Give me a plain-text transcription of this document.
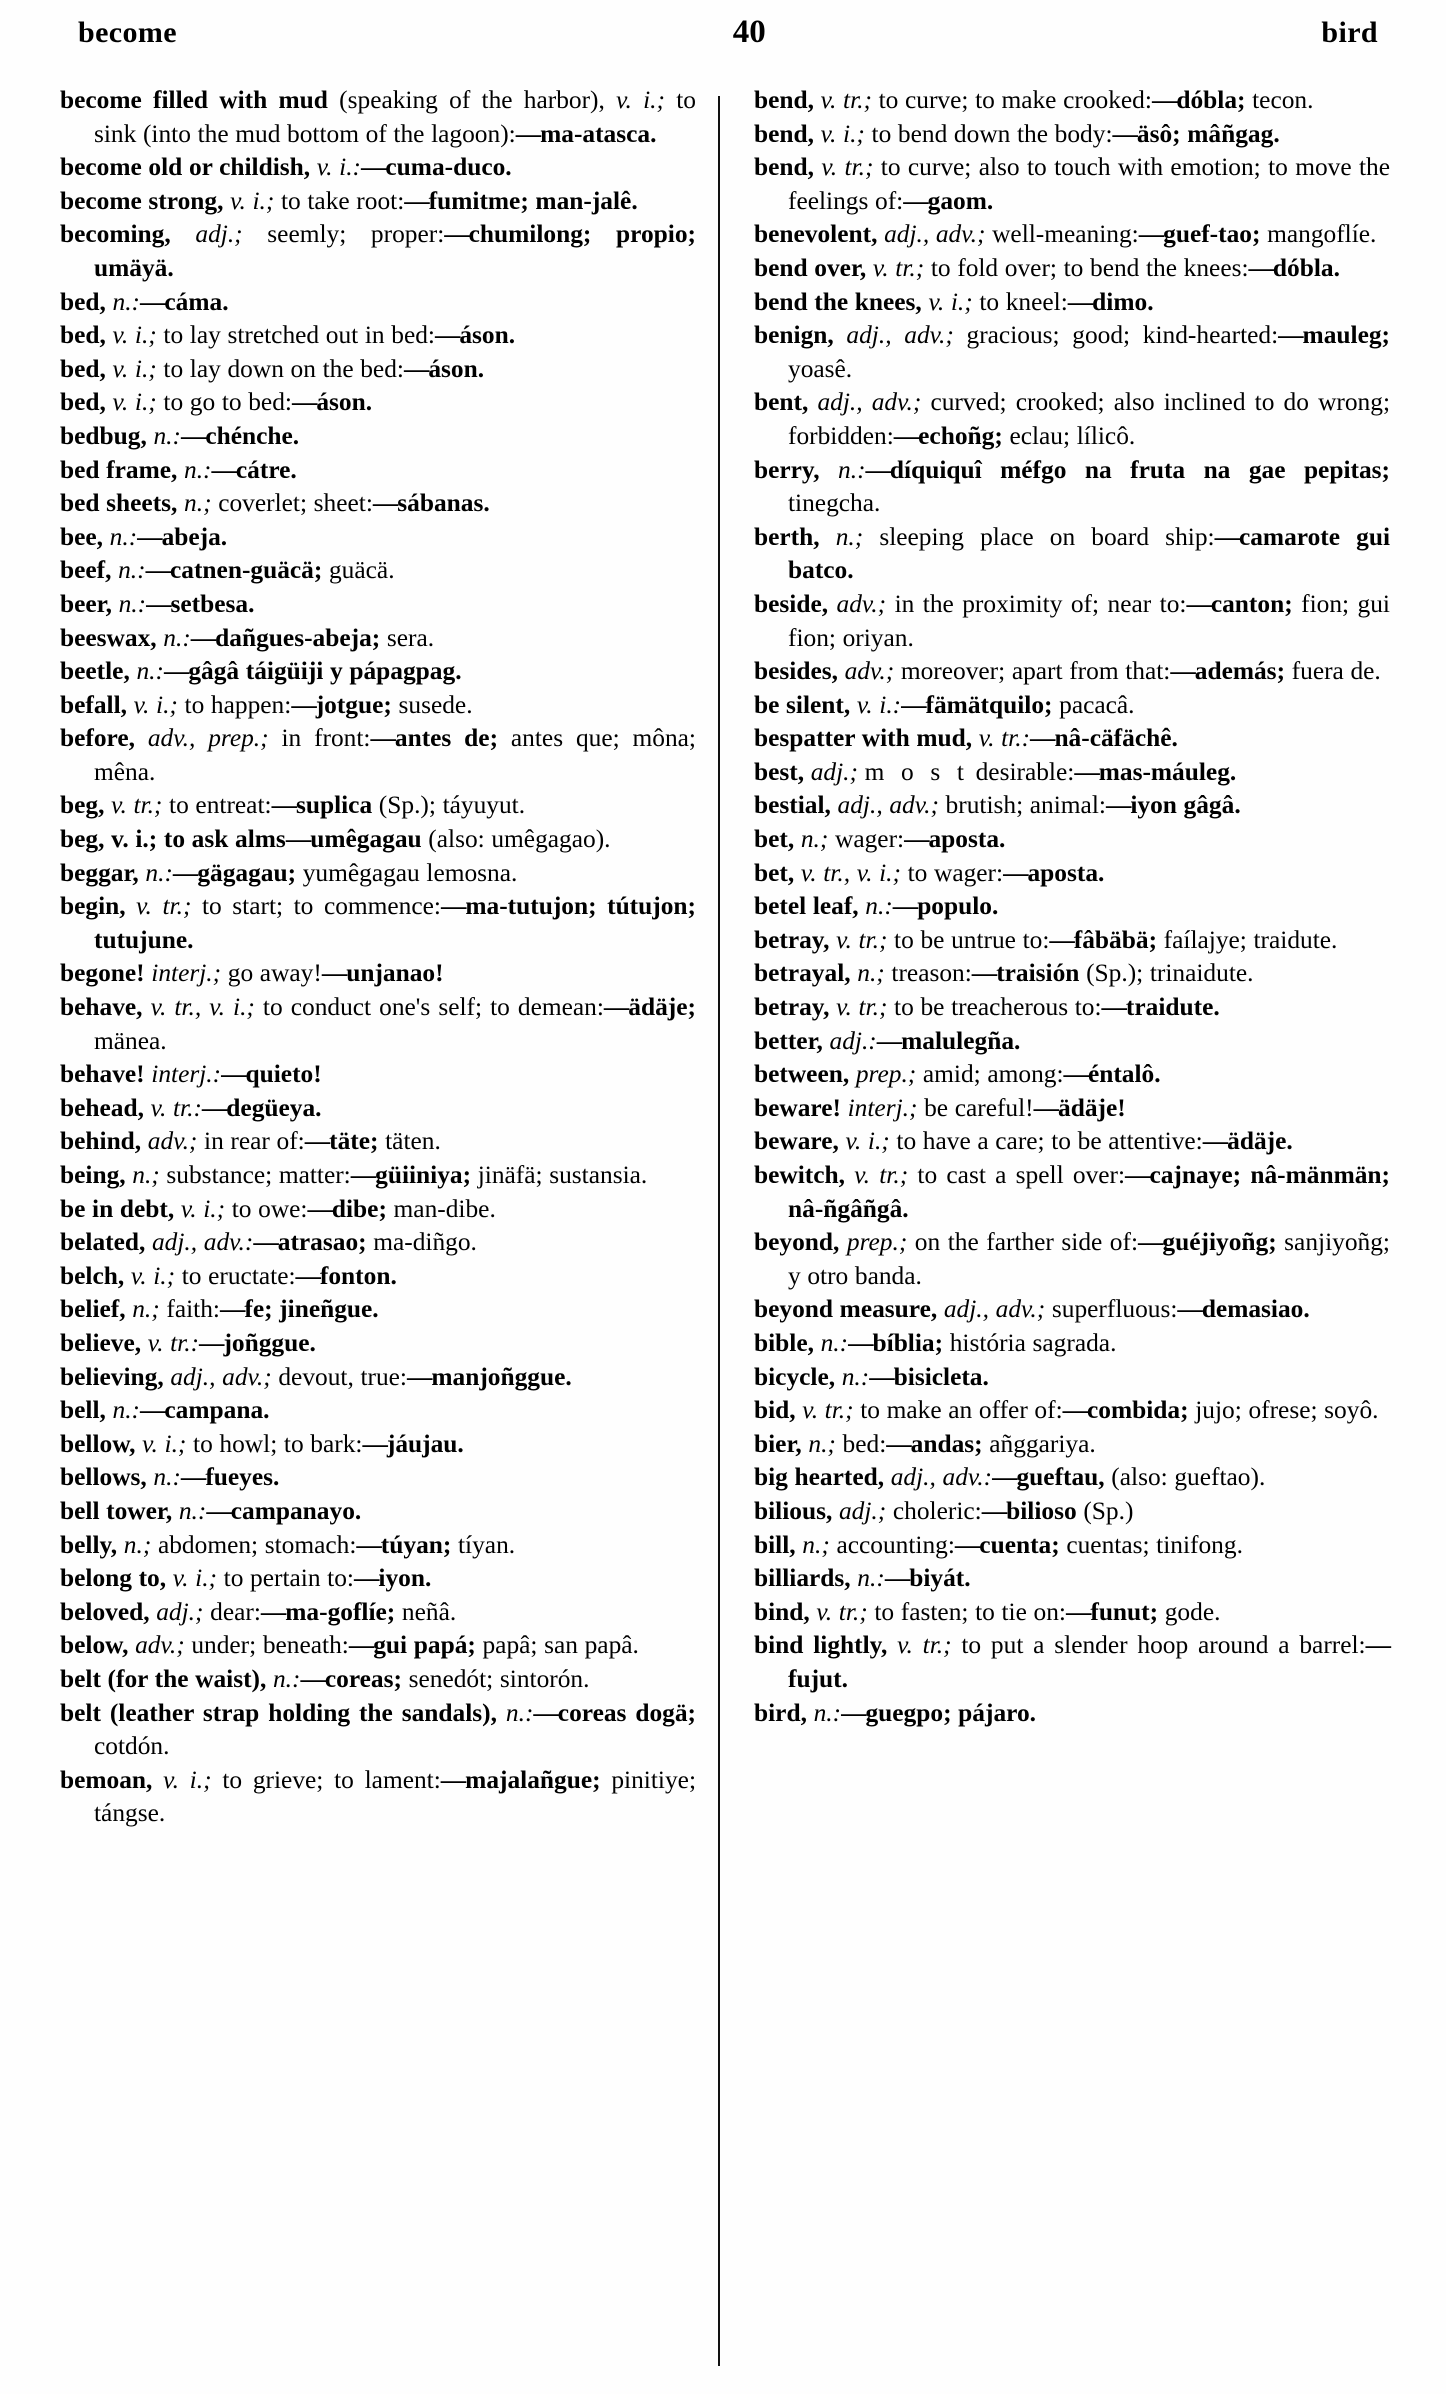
become	40	bird

become filled with mud (speaking of the harbor), v. i.; to sink (into the mud bottom of the lagoon):—ma-atasca.

become old or childish, v. i.:—cuma-duco.

become strong, v. i.; to take root:—fumitme; man-jalê.

becoming, adj.; seemly; proper:—chumilong; propio; umäyä.

bed, n.:—cáma.

bed, v. i.; to lay stretched out in bed:—áson.

bed, v. i.; to lay down on the bed:—áson.

bed, v. i.; to go to bed:—áson.

bedbug, n.:—chénche.

bed frame, n.:—cátre.

bed sheets, n.; coverlet; sheet:—sábanas.

bee, n.:—abeja.

beef, n.:—catnen-guäcä; guäcä.

beer, n.:—setbesa.

beeswax, n.:—dañgues-abeja; sera.

beetle, n.:—gâgâ táigüiji y pápagpag.

befall, v. i.; to happen:—jotgue; susede.

before, adv., prep.; in front:—antes de; antes que; môna; mêna.

beg, v. tr.; to entreat:—suplica (Sp.); táyuyut.

beg, v. i.; to ask alms—umêgagau (also: umêgagao).

beggar, n.:—gägagau; yumêgagau lemosna.

begin, v. tr.; to start; to commence:—ma-tutujon; tútujon; tutujune.

begone! interj.; go away!—unjanao!

behave, v. tr., v. i.; to conduct one's self; to demean:—ädäje; mänea.

behave! interj.:—quieto!

behead, v. tr.:—degüeya.

behind, adv.; in rear of:—täte; täten.

being, n.; substance; matter:—güiiniya; jinäfä; sustansia.

be in debt, v. i.; to owe:—dibe; man-dibe.

belated, adj., adv.:—atrasao; ma-diñgo.

belch, v. i.; to eructate:—fonton.

belief, n.; faith:—fe; jineñgue.

believe, v. tr.:—joñggue.

believing, adj., adv.; devout, true:—manjoñggue.

bell, n.:—campana.

bellow, v. i.; to howl; to bark:—jáujau.

bellows, n.:—fueyes.

bell tower, n.:—campanayo.

belly, n.; abdomen; stomach:—túyan; tíyan.

belong to, v. i.; to pertain to:—iyon.

beloved, adj.; dear:—ma-goflíe; neñâ.

below, adv.; under; beneath:—gui papá; papâ; san papâ.

belt (for the waist), n.:—coreas; senedót; sintorón.

belt (leather strap holding the sandals), n.:—coreas dogä; cotdón.

bemoan, v. i.; to grieve; to lament:—majalañgue; pinitiye; tángse.

bend, v. tr.; to curve; to make crooked:—dóbla; tecon.

bend, v. i.; to bend down the body:—äsô; mâñgag.

bend, v. tr.; to curve; also to touch with emotion; to move the feelings of:—gaom.

benevolent, adj., adv.; well-meaning:—guef-tao; mangoflíe.

bend over, v. tr.; to fold over; to bend the knees:—dóbla.

bend the knees, v. i.; to kneel:—dimo.

benign, adj., adv.; gracious; good; kind-hearted:—mauleg; yoasê.

bent, adj., adv.; curved; crooked; also inclined to do wrong; forbidden:—echoñg; eclau; lílicô.

berry, n.:—díquiquî méfgo na fruta na gae pepitas; tinegcha.

berth, n.; sleeping place on board ship:—camarote gui batco.

beside, adv.; in the proximity of; near to:—canton; fion; gui fion; oriyan.

besides, adv.; moreover; apart from that:—además; fuera de.

be silent, v. i.:—fämätquilo; pacacâ.

bespatter with mud, v. tr.:—nâ-cäfächê.

best, adj.; m o s t desirable:—mas-máuleg.

bestial, adj., adv.; brutish; animal:—iyon gâgâ.

bet, n.; wager:—aposta.

bet, v. tr., v. i.; to wager:—aposta.

betel leaf, n.:—populo.

betray, v. tr.; to be untrue to:—fâbäbä; faílajye; traidute.

betrayal, n.; treason:—traisión (Sp.); trinaidute.

betray, v. tr.; to be treacherous to:—traidute.

better, adj.:—malulegña.

between, prep.; amid; among:—éntalô.

beware! interj.; be careful!—ädäje!

beware, v. i.; to have a care; to be attentive:—ädäje.

bewitch, v. tr.; to cast a spell over:—cajnaye; nâ-mänmän; nâ-ñgâñgâ.

beyond, prep.; on the farther side of:—guéjiyoñg; sanjiyoñg; y otro banda.

beyond measure, adj., adv.; superfluous:—demasiao.

bible, n.:—bíblia; história sagrada.

bicycle, n.:—bisicleta.

bid, v. tr.; to make an offer of:—combida; jujo; ofrese; soyô.

bier, n.; bed:—andas; añggariya.

big hearted, adj., adv.:—gueftau, (also: gueftao).

bilious, adj.; choleric:—bilioso (Sp.)

bill, n.; accounting:—cuenta; cuentas; tinifong.

billiards, n.:—biyát.

bind, v. tr.; to fasten; to tie on:—funut; gode.

bind lightly, v. tr.; to put a slender hoop around a barrel:—fujut.

bird, n.:—guegpo; pájaro.
